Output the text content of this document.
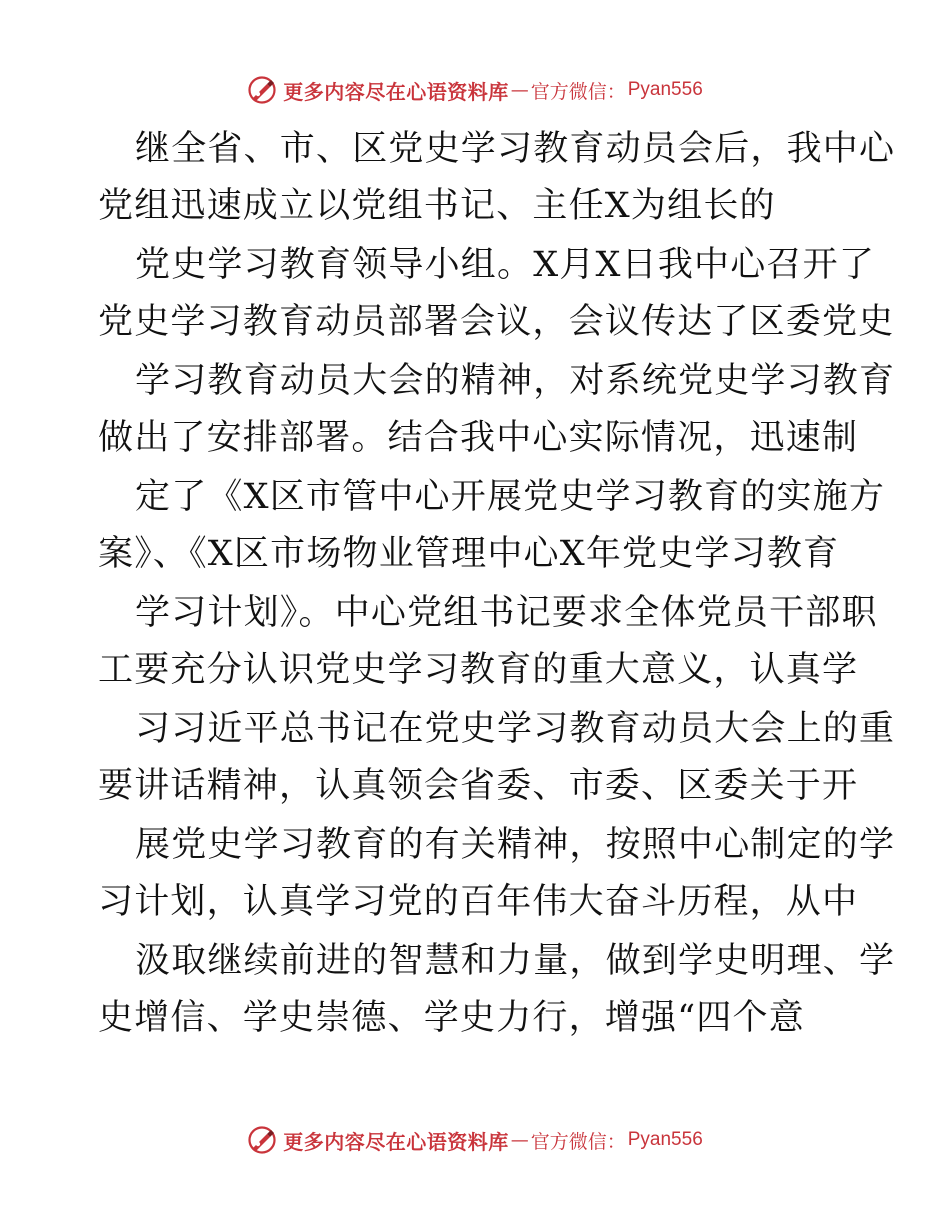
更多内容尽在心语资料库 — 官方微信： Pyan556
继全省、市、区党史学习教育动员会后，我中心
党组迅速成立以党组书记、主任X为组长的
党史学习教育领导小组。X月X日我中心召开了
党史学习教育动员部署会议，会议传达了区委党史
学习教育动员大会的精神，对系统党史学习教育
做出了安排部署。结合我中心实际情况，迅速制
定了《X区市管中心开展党史学习教育的实施方
案》、《X区市场物业管理中心X年党史学习教育
学习计划》。中心党组书记要求全体党员干部职
工要充分认识党史学习教育的重大意义，认真学
习习近平总书记在党史学习教育动员大会上的重
要讲话精神，认真领会省委、市委、区委关于开
展党史学习教育的有关精神，按照中心制定的学
习计划，认真学习党的百年伟大奋斗历程，从中
汲取继续前进的智慧和力量，做到学史明理、学
史增信、学史崇德、学史力行，增强“四个意
更多内容尽在心语资料库 — 官方微信： Pyan556
